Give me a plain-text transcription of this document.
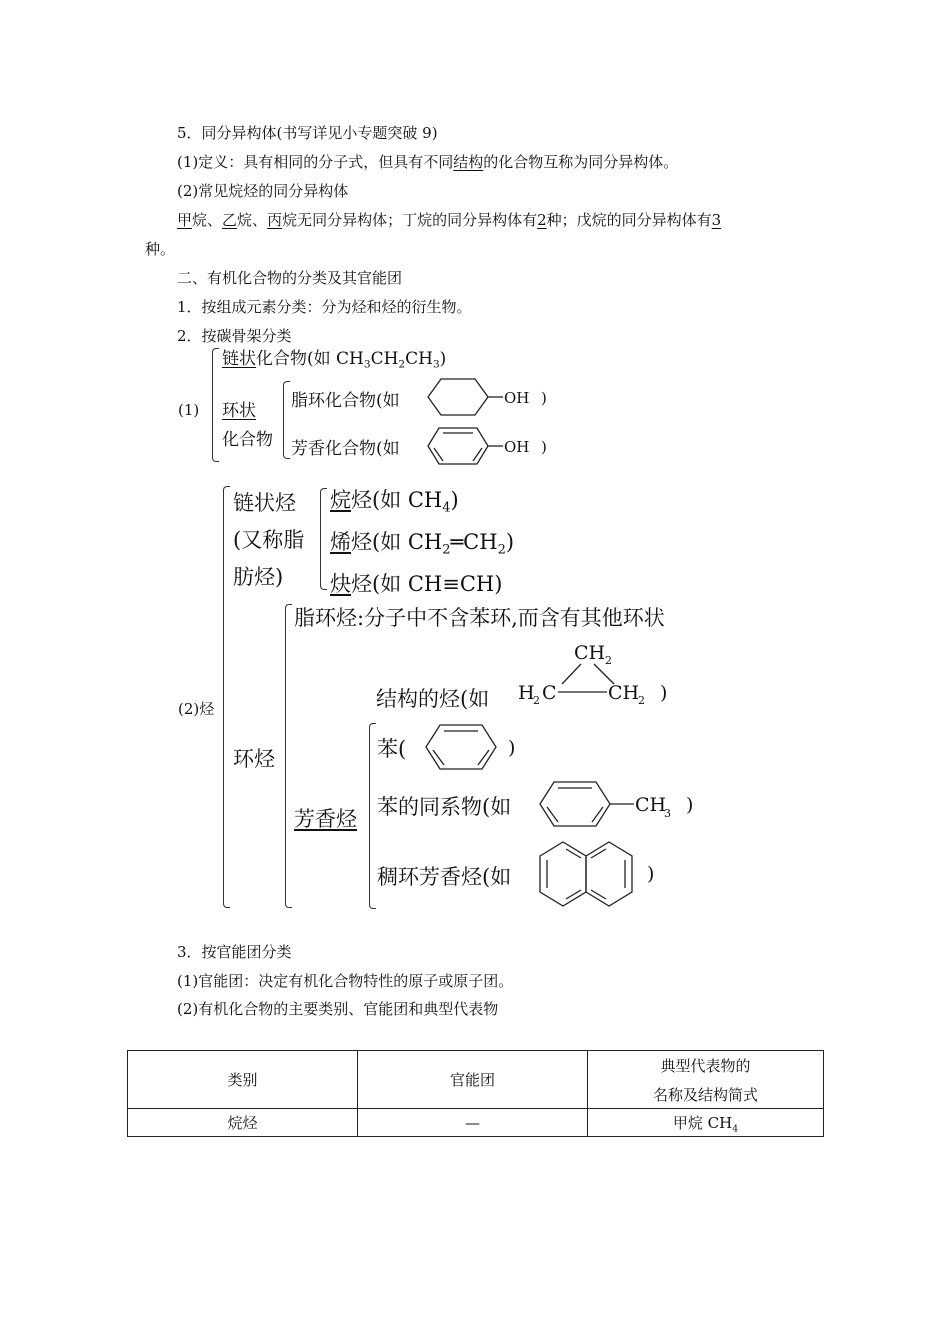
5．同分异构体(书写详见小专题突破 9)
(1)定义：具有相同的分子式，但具有不同结构的化合物互称为同分异构体。
(2)常见烷烃的同分异构体
甲烷、乙烷、丙烷无同分异构体；丁烷的同分异构体有2种；戊烷的同分异构体有3
种。
二、有机化合物的分类及其官能团
1．按组成元素分类：分为烃和烃的衍生物。
2．按碳骨架分类
(1)
链状化合物(如 $CH_3CH_2CH_3$)
环状
化合物
脂环化合物(如
芳香化合物(如
OH )
OH )
(2)烃
链状烃
(又称脂
肪烃)
烷烃(如 $CH_4$)
烯烃(如 $CH_2═CH_2$)
炔烃(如 CH≡CH)
环烃
脂环烃:分子中不含苯环,而含有其他环状
结构的烃(如
CH 2
H
2 C	CH
2 )
芳香烃
苯(	)
苯的同系物(如	CH
3 )
稠环芳香烃(如	)
3．按官能团分类
(1)官能团：决定有机化合物特性的原子或原子团。
(2)有机化合物的主要类别、官能团和典型代表物
类别	官能团	典型代表物的
名称及结构简式

烷烃	—	甲烷 $CH_4$
